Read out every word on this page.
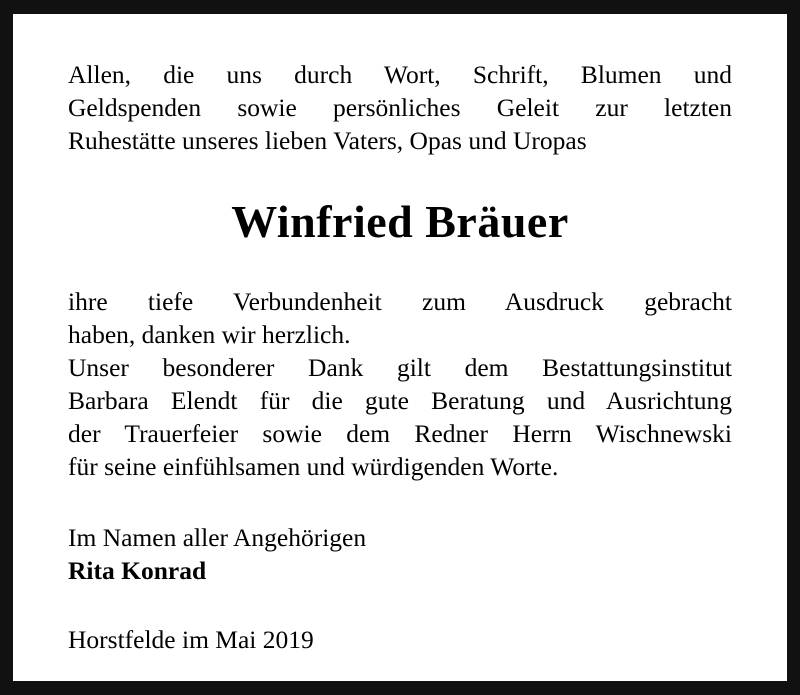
Allen, die uns durch Wort, Schrift, Blumen und
Geldspenden sowie persönliches Geleit zur letzten
Ruhestätte unseres lieben Vaters, Opas und Uropas
Winfried Bräuer
ihre tiefe Verbundenheit zum Ausdruck gebracht
haben, danken wir herzlich.
Unser besonderer Dank gilt dem Bestattungsinstitut
Barbara Elendt für die gute Beratung und Ausrichtung
der Trauerfeier sowie dem Redner Herrn Wischnewski
für seine einfühlsamen und würdigenden Worte.
Im Namen aller Angehörigen
Rita Konrad
Horstfelde im Mai 2019
